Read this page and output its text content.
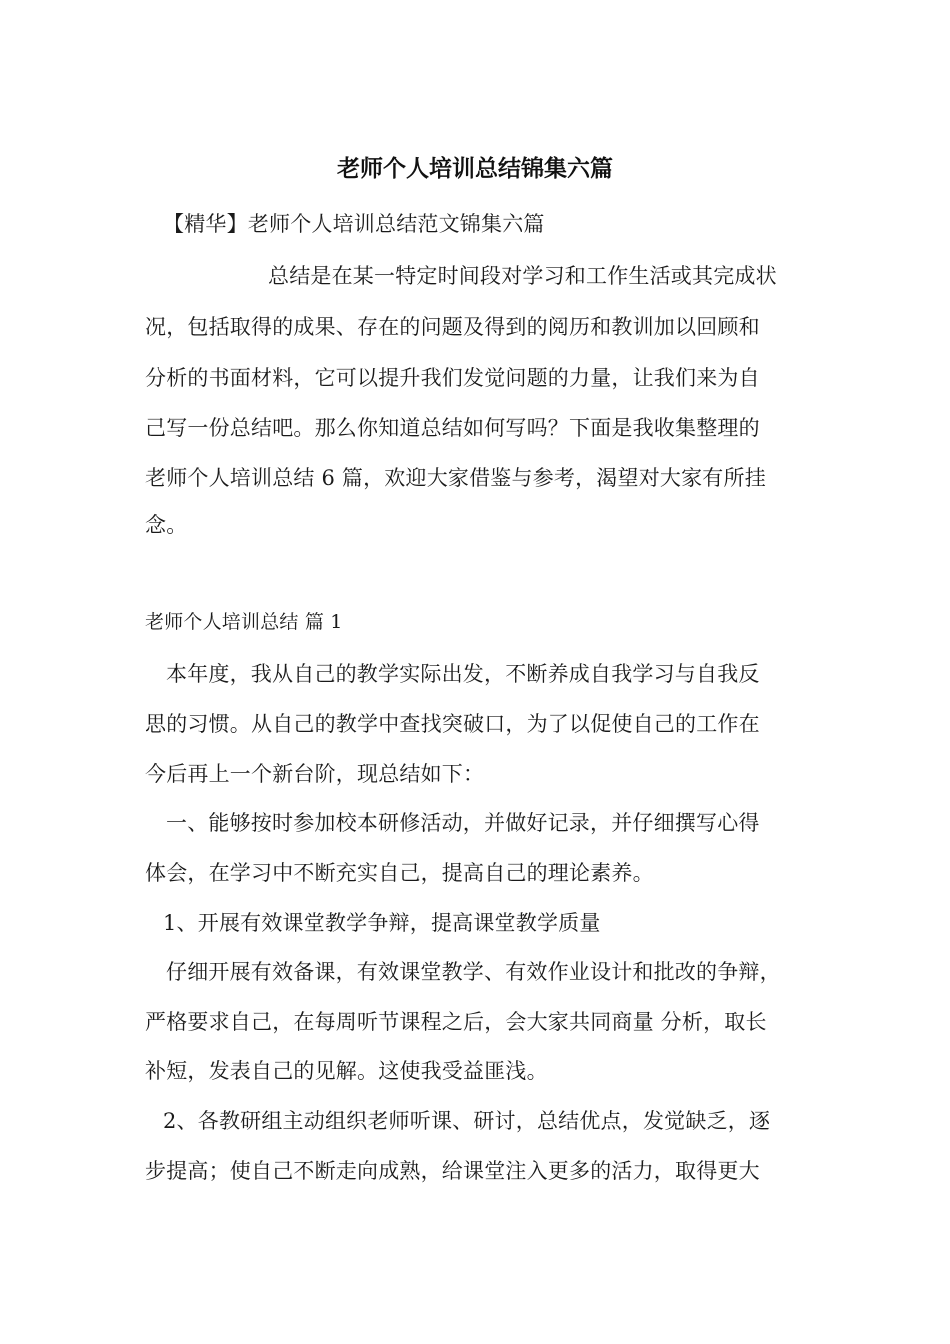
老师个人培训总结锦集六篇
【精华】老师个人培训总结范文锦集六篇
总结是在某一特定时间段对学习和工作生活或其完成状
况，包括取得的成果、存在的问题及得到的阅历和教训加以回顾和
分析的书面材料，它可以提升我们发觉问题的力量，让我们来为自
己写一份总结吧。那么你知道总结如何写吗？下面是我收集整理的
老师个人培训总结 6 篇，欢迎大家借鉴与参考，渴望对大家有所挂
念。
老师个人培训总结 篇 1
本年度，我从自己的教学实际出发，不断养成自我学习与自我反
思的习惯。从自己的教学中查找突破口，为了以促使自己的工作在
今后再上一个新台阶，现总结如下：
一、能够按时参加校本研修活动，并做好记录，并仔细撰写心得
体会，在学习中不断充实自己，提高自己的理论素养。
1、开展有效课堂教学争辩，提高课堂教学质量
仔细开展有效备课，有效课堂教学、有效作业设计和批改的争辩，
严格要求自己，在每周听节课程之后，会大家共同商量 分析，取长
补短，发表自己的见解。这使我受益匪浅。
2、各教研组主动组织老师听课、研讨，总结优点，发觉缺乏，逐
步提高；使自己不断走向成熟，给课堂注入更多的活力，取得更大
